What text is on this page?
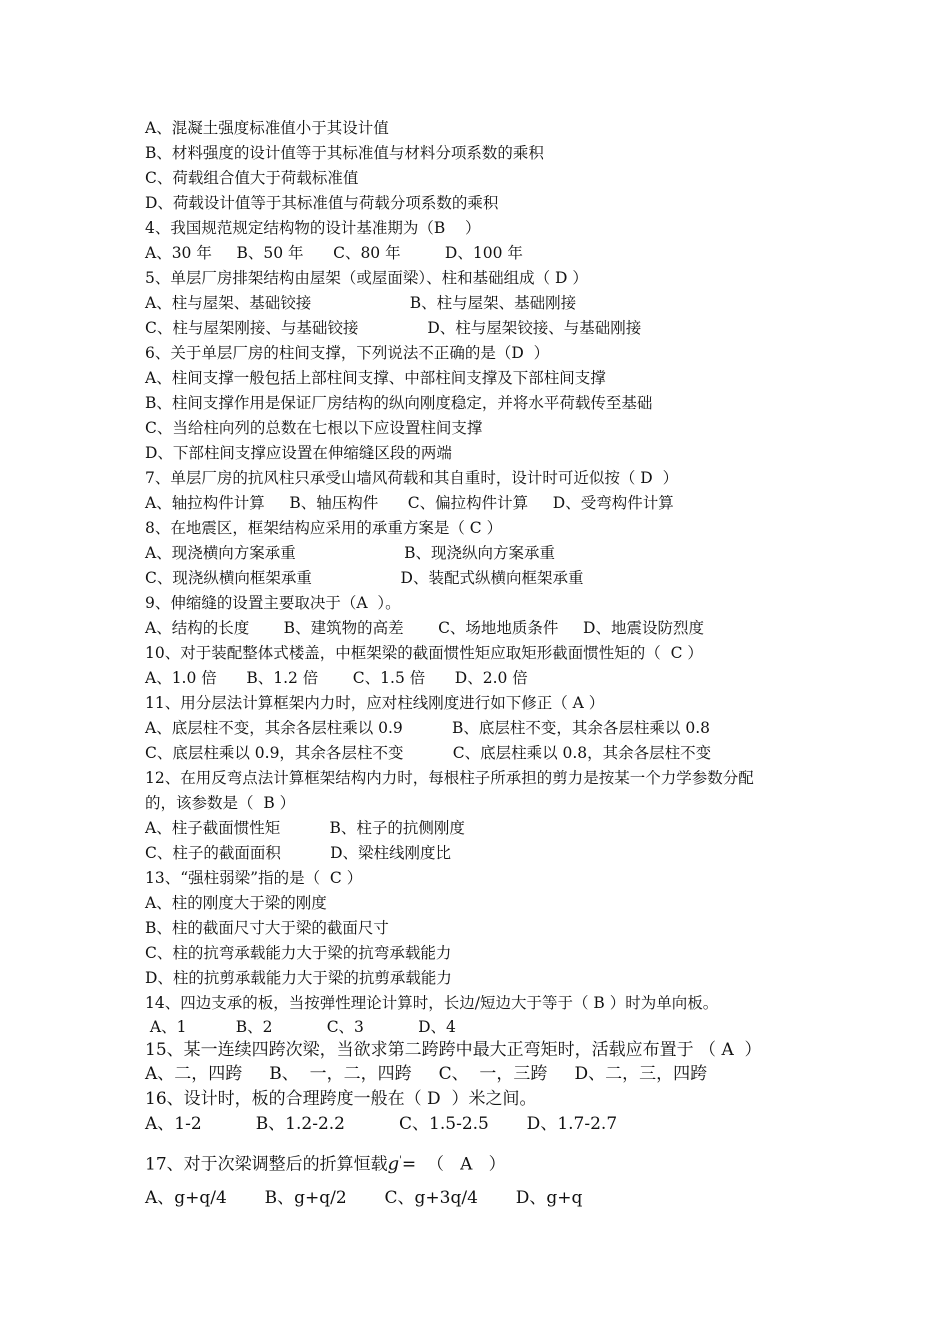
A、混凝土强度标准值小于其设计值
B、材料强度的设计值等于其标准值与材料分项系数的乘积
C、荷载组合值大于荷载标准值
D、荷载设计值等于其标准值与荷载分项系数的乘积
4、我国规范规定结构物的设计基准期为（B    ）
A、30 年     B、50 年      C、80 年         D、100 年
5、单层厂房排架结构由屋架（或屋面梁）、柱和基础组成（ D ）
A、柱与屋架、基础铰接                    B、柱与屋架、基础刚接
C、柱与屋架刚接、与基础铰接              D、柱与屋架铰接、与基础刚接
6、关于单层厂房的柱间支撑，下列说法不正确的是（D  ）
A、柱间支撑一般包括上部柱间支撑、中部柱间支撑及下部柱间支撑
B、柱间支撑作用是保证厂房结构的纵向刚度稳定，并将水平荷载传至基础
C、当给柱向列的总数在七根以下应设置柱间支撑
D、下部柱间支撑应设置在伸缩缝区段的两端
7、单层厂房的抗风柱只承受山墙风荷载和其自重时，设计时可近似按（ D  ）
A、轴拉构件计算     B、轴压构件      C、偏拉构件计算     D、受弯构件计算
8、在地震区，框架结构应采用的承重方案是（ C ）
A、现浇横向方案承重                      B、现浇纵向方案承重
C、现浇纵横向框架承重                  D、装配式纵横向框架承重
9、伸缩缝的设置主要取决于（A  ）。
A、结构的长度       B、建筑物的高差       C、场地地质条件     D、地震设防烈度
10、对于装配整体式楼盖，中框架梁的截面惯性矩应取矩形截面惯性矩的（  C ）
A、1.0 倍      B、1.2 倍       C、1.5 倍      D、2.0 倍
11、用分层法计算框架内力时，应对柱线刚度进行如下修正（ A ）
A、底层柱不变，其余各层柱乘以 0.9          B、底层柱不变，其余各层柱乘以 0.8
C、底层柱乘以 0.9，其余各层柱不变          C、底层柱乘以 0.8，其余各层柱不变
12、在用反弯点法计算框架结构内力时，每根柱子所承担的剪力是按某一个力学参数分配
的，该参数是（  B ）
A、柱子截面惯性矩          B、柱子的抗侧刚度
C、柱子的截面面积          D、梁柱线刚度比
13、“强柱弱梁”指的是（  C ）
A、柱的刚度大于梁的刚度
B、柱的截面尺寸大于梁的截面尺寸
C、柱的抗弯承载能力大于梁的抗弯承载能力
D、柱的抗剪承载能力大于梁的抗剪承载能力
14、四边支承的板，当按弹性理论计算时，长边/短边大于等于（ B ）时为单向板。
A、1          B、2           C、3           D、4
15、某一连续四跨次梁，当欲求第二跨跨中最大正弯矩时，活载应布置于 （ A  ）
A、二，四跨     B、  一，二，四跨     C、  一，三跨     D、二，三，四跨
16、设计时，板的合理跨度一般在（ D  ）米之间。
A、1-2          B、1.2-2.2          C、1.5-2.5       D、1.7-2.7
17、对于次梁调整后的折算恒载g'=  （   A   ）
A、g+q/4       B、g+q/2       C、g+3q/4       D、g+q
